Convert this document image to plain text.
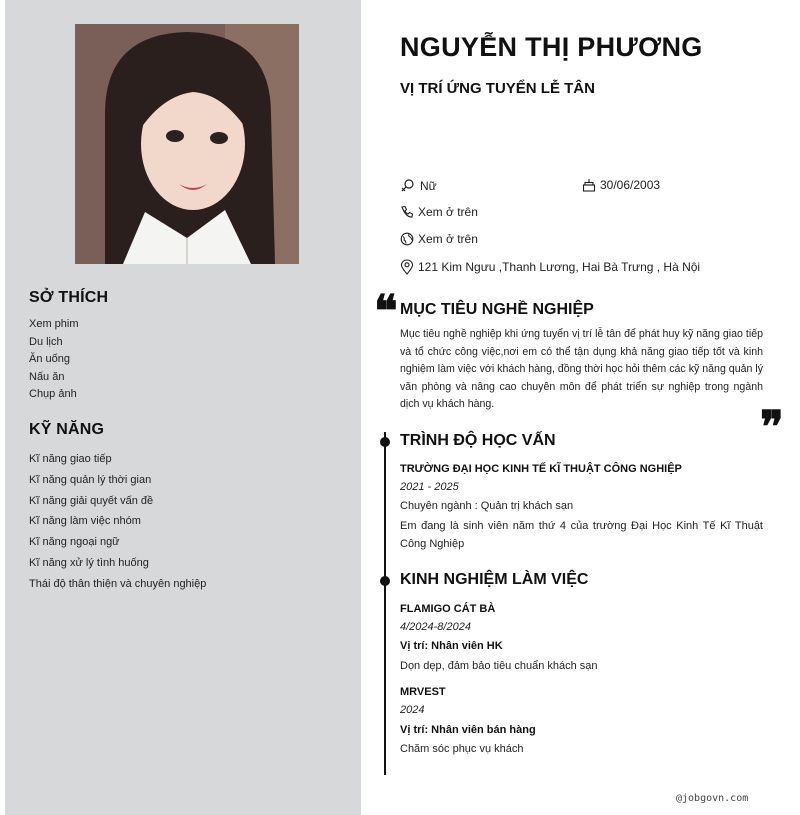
SỞ THÍCH
Xem phim
Du lịch
Ăn uống
Nấu ăn
Chụp ảnh
KỸ NĂNG
Kĩ năng giao tiếp
Kĩ năng quản lý thời gian
Kĩ năng giải quyết vấn đề
Kĩ năng làm việc nhóm
Kĩ năng ngoại ngữ
Kĩ năng xử lý tình huống
Thái độ thân thiện và chuyên nghiệp
NGUYỄN THỊ PHƯƠNG
VỊ TRÍ ỨNG TUYỂN LỄ TÂN
Nữ	30/06/2003
Xem ở trên
Xem ở trên
121 Kim Ngưu ,Thanh Lương, Hai Bà Trưng , Hà Nội
❝ MỤC TIÊU NGHỀ NGHIỆP
Mục tiêu nghề nghiệp khi ứng tuyển vị trí lễ tân để phát huy kỹ năng giao tiếp và tổ chức công việc,nơi em có thể tận dụng khả năng giao tiếp tốt và kinh nghiệm làm việc với khách hàng, đồng thời học hỏi thêm các kỹ năng quản lý văn phòng và nâng cao chuyên môn để phát triển sự nghiệp trong ngành dịch vụ khách hàng.	❞
TRÌNH ĐỘ HỌC VẤN
TRƯỜNG ĐẠI HỌC KINH TẾ KĨ THUẬT CÔNG NGHIỆP
2021 - 2025
Chuyên ngành : Quản trị khách sạn
Em đang là sinh viên năm thứ 4 của trường Đại Học Kinh Tế Kĩ Thuật Công Nghiệp
KINH NGHIỆM LÀM VIỆC
FLAMIGO CÁT BÀ
4/2024-8/2024
Vị trí: Nhân viên HK
Dọn dẹp, đảm bảo tiêu chuẩn khách sạn
MRVEST
2024
Vị trí: Nhân viên bán hàng
Chăm sóc phục vụ khách
@jobgovn.com
